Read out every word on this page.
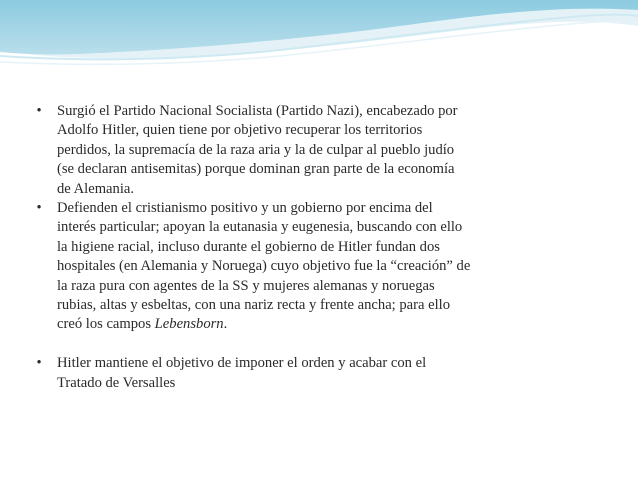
• Surgió el Partido Nacional Socialista (Partido Nazi), encabezado por
Adolfo Hitler, quien tiene por objetivo recuperar los territorios
perdidos, la supremacía de la raza aria y la de culpar al pueblo judío
(se declaran antisemitas) porque dominan gran parte de la economía
de Alemania.
• Defienden el cristianismo positivo y un gobierno por encima del
interés particular; apoyan la eutanasia y eugenesia, buscando con ello
la higiene racial, incluso durante el gobierno de Hitler fundan dos
hospitales (en Alemania y Noruega) cuyo objetivo fue la “creación” de
la raza pura con agentes de la SS y mujeres alemanas y noruegas
rubias, altas y esbeltas, con una nariz recta y frente ancha; para ello
creó los campos Lebensborn.
• Hitler mantiene el objetivo de imponer el orden y acabar con el
Tratado de Versalles
